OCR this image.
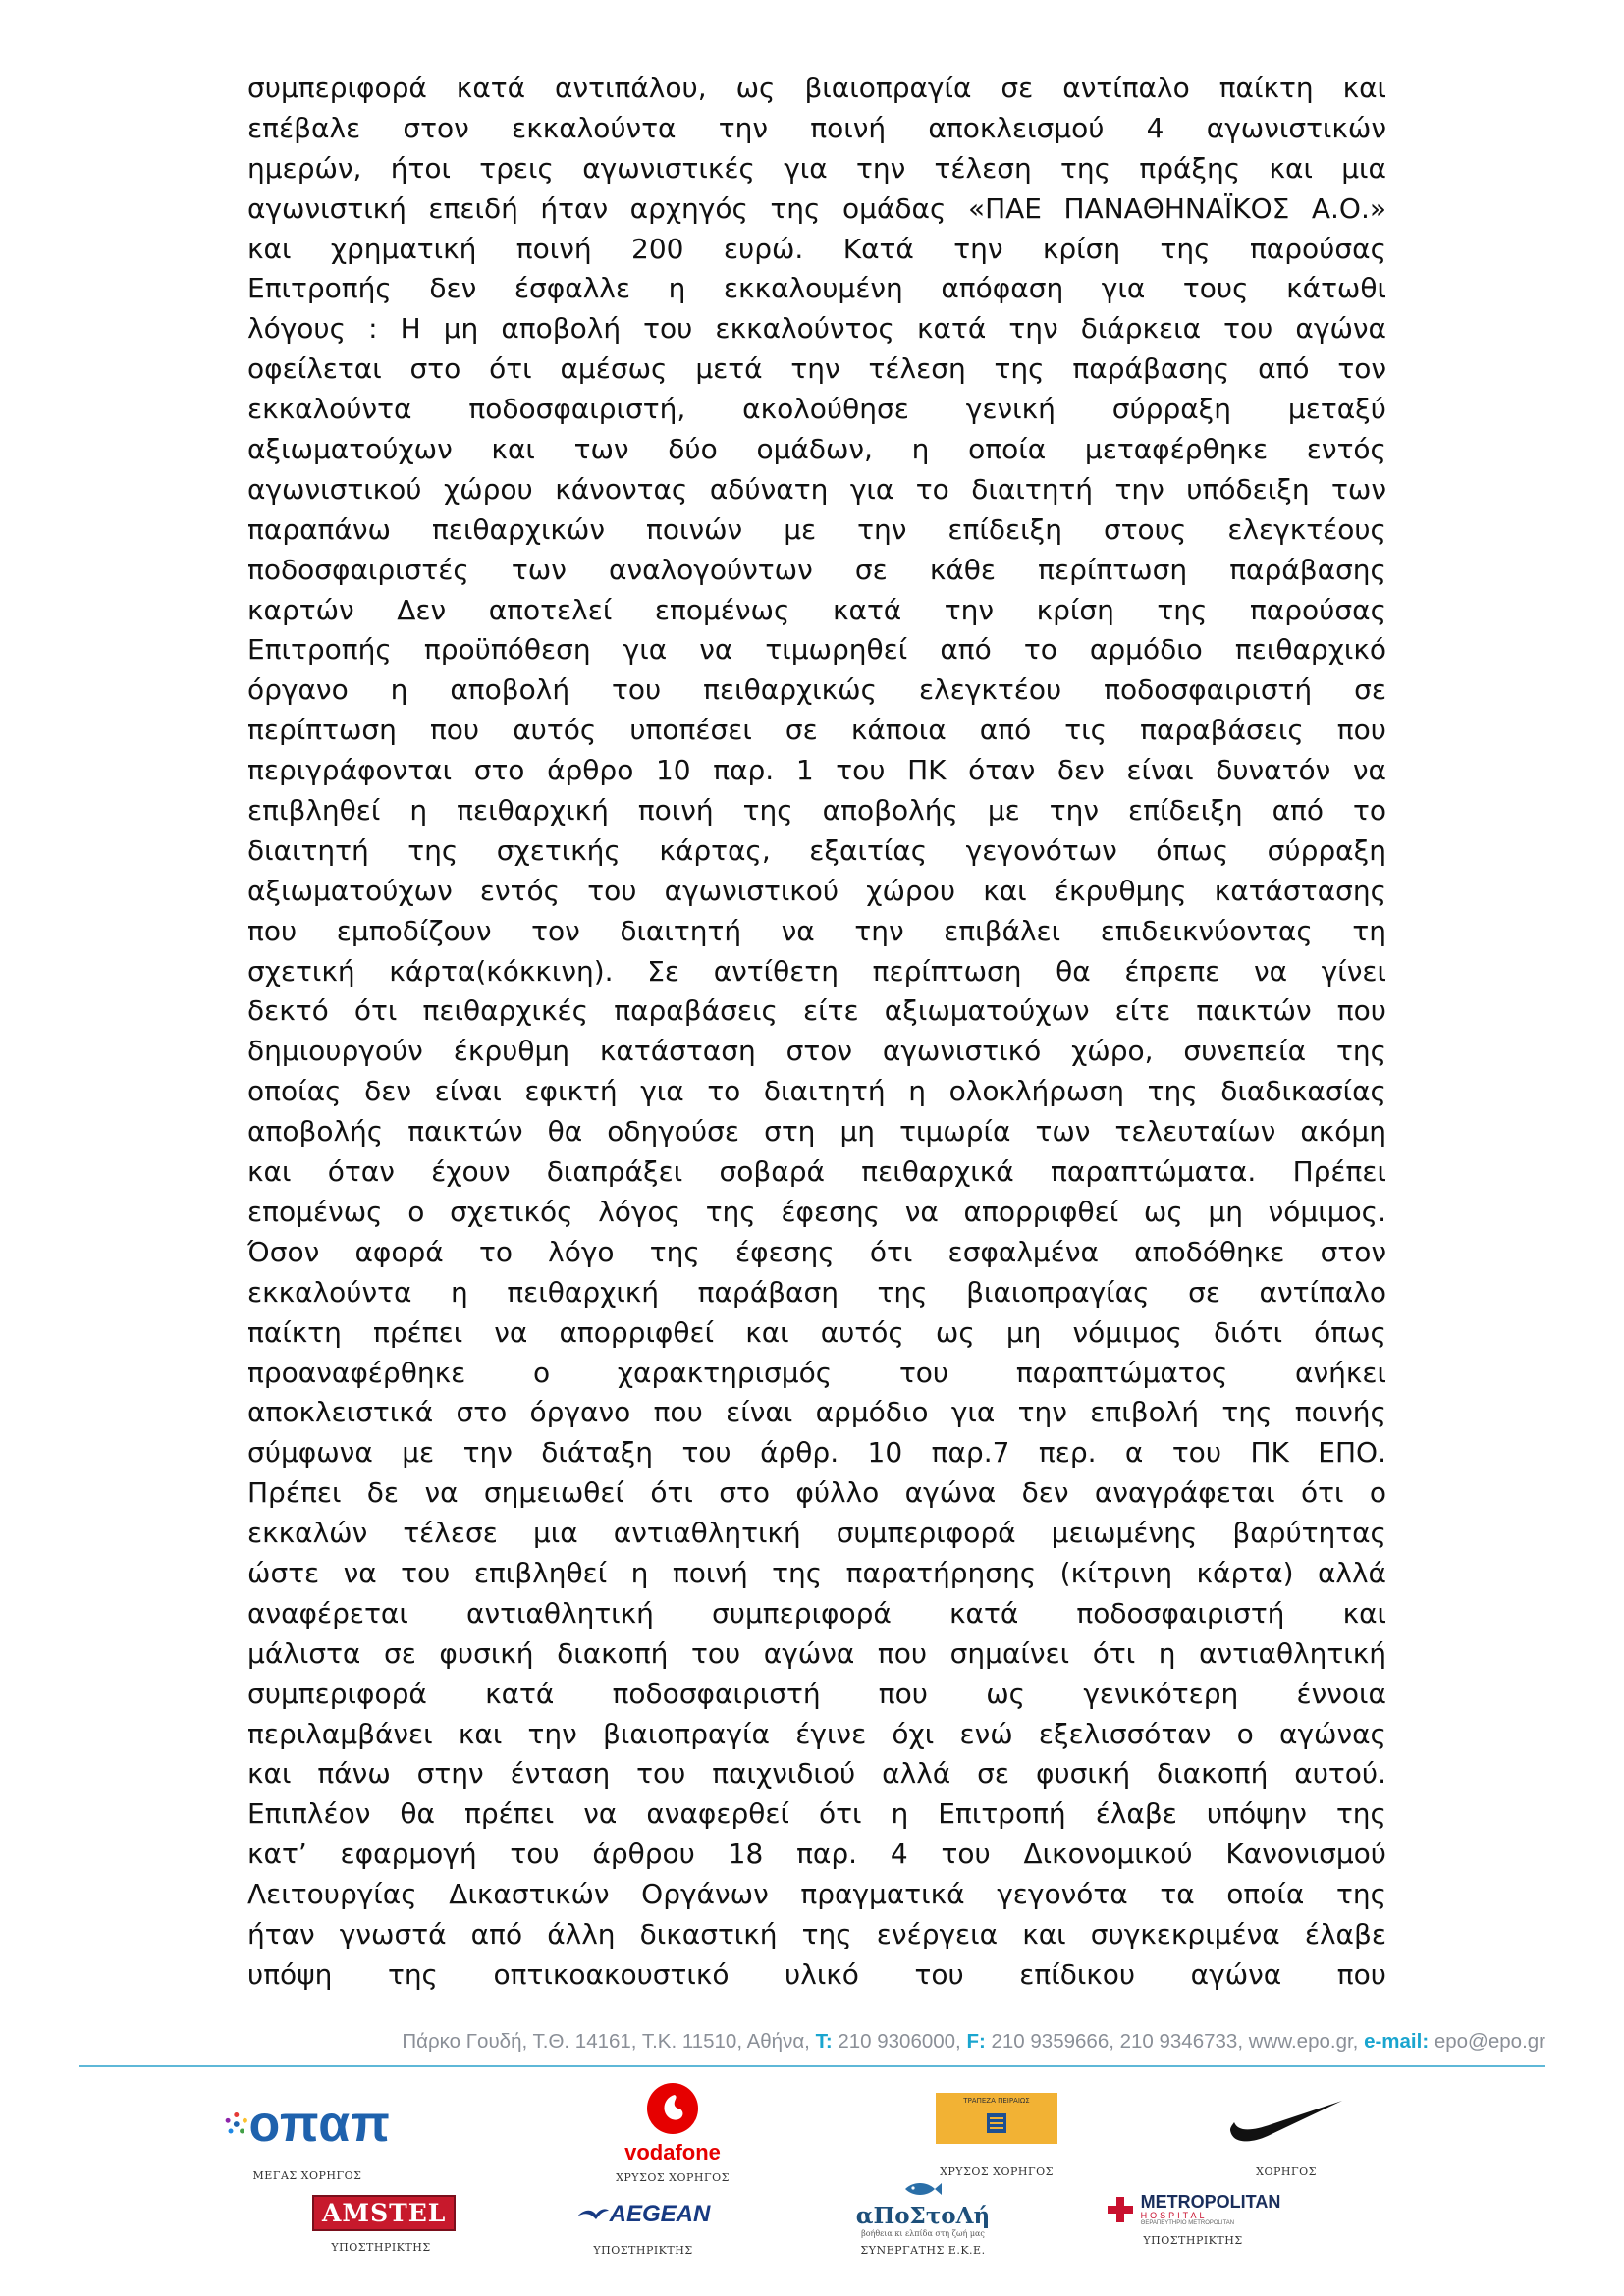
συμπεριφορά κατά αντιπάλου, ως βιαιοπραγία σε αντίπαλο παίκτη και
επέβαλε στον εκκαλούντα την ποινή αποκλεισμού 4 αγωνιστικών
ημερών, ήτοι τρεις αγωνιστικές για την τέλεση της πράξης και μια
αγωνιστική επειδή ήταν αρχηγός της ομάδας «ΠΑΕ ΠΑΝΑΘΗΝΑΪΚΟΣ Α.Ο.»
και χρηματική ποινή 200 ευρώ. Κατά την κρίση της παρούσας
Επιτροπής δεν έσφαλλε η εκκαλουμένη απόφαση για τους κάτωθι
λόγους : Η μη αποβολή του εκκαλούντος κατά την διάρκεια του αγώνα
οφείλεται στο ότι αμέσως μετά την τέλεση της παράβασης από τον
εκκαλούντα ποδοσφαιριστή, ακολούθησε γενική σύρραξη μεταξύ
αξιωματούχων και των δύο ομάδων, η οποία μεταφέρθηκε εντός
αγωνιστικού χώρου κάνοντας αδύνατη για το διαιτητή την υπόδειξη των
παραπάνω πειθαρχικών ποινών με την επίδειξη στους ελεγκτέους
ποδοσφαιριστές των αναλογούντων σε κάθε περίπτωση παράβασης
καρτών Δεν αποτελεί επομένως κατά την κρίση της παρούσας
Επιτροπής προϋπόθεση για να τιμωρηθεί από το αρμόδιο πειθαρχικό
όργανο η αποβολή του πειθαρχικώς ελεγκτέου ποδοσφαιριστή σε
περίπτωση που αυτός υποπέσει σε κάποια από τις παραβάσεις που
περιγράφονται στο άρθρο 10 παρ. 1 του ΠΚ όταν δεν είναι δυνατόν να
επιβληθεί η πειθαρχική ποινή της αποβολής με την επίδειξη από το
διαιτητή της σχετικής κάρτας, εξαιτίας γεγονότων όπως σύρραξη
αξιωματούχων εντός του αγωνιστικού χώρου και έκρυθμης κατάστασης
που εμποδίζουν τον διαιτητή να την επιβάλει επιδεικνύοντας τη
σχετική κάρτα(κόκκινη). Σε αντίθετη περίπτωση θα έπρεπε να γίνει
δεκτό ότι πειθαρχικές παραβάσεις είτε αξιωματούχων είτε παικτών που
δημιουργούν έκρυθμη κατάσταση στον αγωνιστικό χώρο, συνεπεία της
οποίας δεν είναι εφικτή για το διαιτητή η ολοκλήρωση της διαδικασίας
αποβολής παικτών θα οδηγούσε στη μη τιμωρία των τελευταίων ακόμη
και όταν έχουν διαπράξει σοβαρά πειθαρχικά παραπτώματα. Πρέπει
επομένως ο σχετικός λόγος της έφεσης να απορριφθεί ως μη νόμιμος.
Όσον αφορά το λόγο της έφεσης ότι εσφαλμένα αποδόθηκε στον
εκκαλούντα η πειθαρχική παράβαση της βιαιοπραγίας σε αντίπαλο
παίκτη πρέπει να απορριφθεί και αυτός ως μη νόμιμος διότι όπως
προαναφέρθηκε ο χαρακτηρισμός του παραπτώματος ανήκει
αποκλειστικά στο όργανο που είναι αρμόδιο για την επιβολή της ποινής
σύμφωνα με την διάταξη του άρθρ. 10 παρ.7 περ. α του ΠΚ ΕΠΟ.
Πρέπει δε να σημειωθεί ότι στο φύλλο αγώνα δεν αναγράφεται ότι ο
εκκαλών τέλεσε μια αντιαθλητική συμπεριφορά μειωμένης βαρύτητας
ώστε να του επιβληθεί η ποινή της παρατήρησης (κίτρινη κάρτα) αλλά
αναφέρεται αντιαθλητική συμπεριφορά κατά ποδοσφαιριστή και
μάλιστα σε φυσική διακοπή του αγώνα που σημαίνει ότι η αντιαθλητική
συμπεριφορά κατά ποδοσφαιριστή που ως γενικότερη έννοια
περιλαμβάνει και την βιαιοπραγία έγινε όχι ενώ εξελισσόταν ο αγώνας
και πάνω στην ένταση του παιχνιδιού αλλά σε φυσική διακοπή αυτού.
Επιπλέον θα πρέπει να αναφερθεί ότι η Επιτροπή έλαβε υπόψην της
κατ’ εφαρμογή του άρθρου 18 παρ. 4 του Δικονομικού Κανονισμού
Λειτουργίας Δικαστικών Οργάνων πραγματικά γεγονότα τα οποία της
ήταν γνωστά από άλλη δικαστική της ενέργεια και συγκεκριμένα έλαβε
υπόψη της οπτικοακουστικό υλικό του επίδικου αγώνα που
Πάρκο Γουδή, Τ.Θ. 14161, Τ.Κ. 11510, Αθήνα, T: 210 9306000, F: 210 9359666, 210 9346733, www.epo.gr, e-mail: epo@epo.gr
οπαπ
ΜΕΓΑΣ ΧΟΡΗΓΟΣ
vodafone
ΧΡΥΣΟΣ ΧΟΡΗΓΟΣ
ΤΡΑΠΕΖΑ ΠΕΙΡΑΙΩΣ
ΧΡΥΣΟΣ ΧΟΡΗΓΟΣ	ΧΟΡΗΓΟΣ
AMSTEL
ΥΠΟΣΤΗΡΙΚΤΗΣ
AEGEAN
ΥΠΟΣΤΗΡΙΚΤΗΣ
αΠοΣτοΛή
βοήθεια κι ελπίδα στη ζωή μας
ΣΥΝΕΡΓΑΤΗΣ Ε.Κ.Ε.
METROPOLITAN
HOSPITAL
ΘΕΡΑΠΕΥΤΗΡΙΟ METROPOLITAN
ΥΠΟΣΤΗΡΙΚΤΗΣ
